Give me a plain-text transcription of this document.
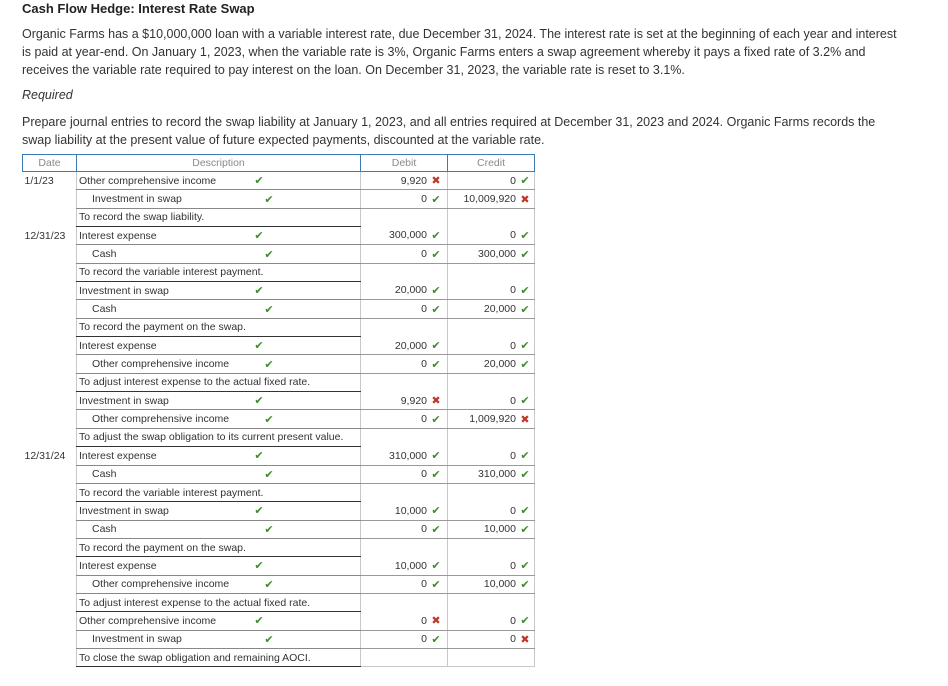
Cash Flow Hedge: Interest Rate Swap
Organic Farms has a $10,000,000 loan with a variable interest rate, due December 31, 2024. The interest rate is set at the beginning of each year and interest is paid at year-end. On January 1, 2023, when the variable rate is 3%, Organic Farms enters a swap agreement whereby it pays a fixed rate of 3.2% and receives the variable rate required to pay interest on the loan. On December 31, 2023, the variable rate is reset to 3.1%.
Required
Prepare journal entries to record the swap liability at January 1, 2023, and all entries required at December 31, 2023 and 2024. Organic Farms records the swap liability at the present value of future expected payments, discounted at the variable rate.
Date	Description	Debit	Credit
1/1/23	Other comprehensive income ✔	9,920 ✖	0 ✔

	Investment in swap ✔	0 ✔	10,009,920 ✖

	To record the swap liability.		
12/31/23	Interest expense ✔	300,000 ✔	0 ✔

	Cash ✔	0 ✔	300,000 ✔

	To record the variable interest payment.		

	Investment in swap ✔	20,000 ✔	0 ✔

	Cash ✔	0 ✔	20,000 ✔

	To record the payment on the swap.		

	Interest expense ✔	20,000 ✔	0 ✔

	Other comprehensive income ✔	0 ✔	20,000 ✔

	To adjust interest expense to the actual fixed rate.		

	Investment in swap ✔	9,920 ✖	0 ✔

	Other comprehensive income ✔	0 ✔	1,009,920 ✖

	To adjust the swap obligation to its current present value.		
12/31/24	Interest expense ✔	310,000 ✔	0 ✔

	Cash ✔	0 ✔	310,000 ✔

	To record the variable interest payment.		

	Investment in swap ✔	10,000 ✔	0 ✔

	Cash ✔	0 ✔	10,000 ✔

	To record the payment on the swap.		

	Interest expense ✔	10,000 ✔	0 ✔

	Other comprehensive income ✔	0 ✔	10,000 ✔

	To adjust interest expense to the actual fixed rate.		

	Other comprehensive income ✔	0 ✖	0 ✔

	Investment in swap ✔	0 ✔	0 ✖

	To close the swap obligation and remaining AOCI.		
